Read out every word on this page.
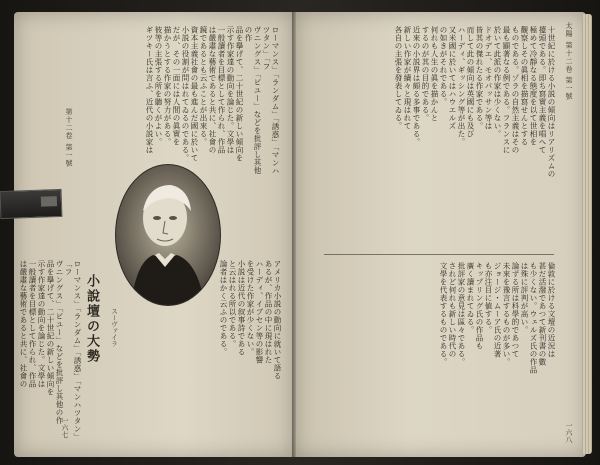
ローマンス」「ランダム」「誘惑」「マンハツタン」「フ
ヴニングス」「ビユー」などを批評し其他の作
品を擧げて、二十世紀の新しい傾向を
示す作家達の動向を論じた。文學は
一般讀者を目標として作られ、作品
は嚴肅な藝術であると共に、社會の
鏡であるとも云ふことが出來る。
資本主義社會の最も進んだ國に於いて
小説の役割が問はれてゐるのである。
だが、その一面には人間の眞實を
描かうとする作家の努力がある。
彼等の主張する所を聽くがよい。
ギツキー氏は言ふ、近代の小説家は
スーヴァイラ
小說壇の大勢	アメリカ小説の動向に就いて語る
あるが、作品の中に現はれた
ハーディ、イブセン等の影響
を受けた作家が少くない。
小説は近代の叙事詩である
と云はれる所以である。
論者はかく云ふのである。
ローマンス」「ランダム」「誘惑」「マンハツタン」「フ
ヴニングス」「ビユー」などを批評し其他の作
品を擧げて、二十世紀の新しい傾向を
示す作家達の動向を論じた。文學は
一般讀者を目標として作られ、作品
は嚴肅な藝術であると共に、社會の
第十二卷 第一號
一六七
太陽 第十二卷 第一號
十世紀に於ける小説の傾向はリアリズムの
擡頭である。即ち寫實主義を唱へて
極めて冷靜なる態度を以て世相を
觀察しその眞相を描寫せんとする
ものである。ゾラの自然主義はその
最も顯著なる例である。フランスに
於いて此派の作家は少くない。
ドオデエ、モオパッサン等は
皆其の傑れたる作家である。
而して此の傾向は英國にも及び
ハーディ、ギッシング等が出た。
又米國に於いてはハウエルズ
の如きがそれである。
何れも人生の眞を描かんと
するのが其の目的である。
近來の小説界は頗る多事である。
新しい作家が續々と現はれて
各自の主張を發表してゐる。
倫敦に於ける文壇の近況は
甚だ活潑であつて新刊書の數
も少くない。ウェルズ氏の作品
は殊に評判が高い。
論ずる所は科學的であつて
未來を豫言するものが多い。
ジョージ・ムーア氏の近著
も亦注目に値する。
キップリング氏の作品も
廣く讀まれてゐる。
批評家の意見は區々である。
されど何れも新しい時代の
文學を代表するものである。
一六八
